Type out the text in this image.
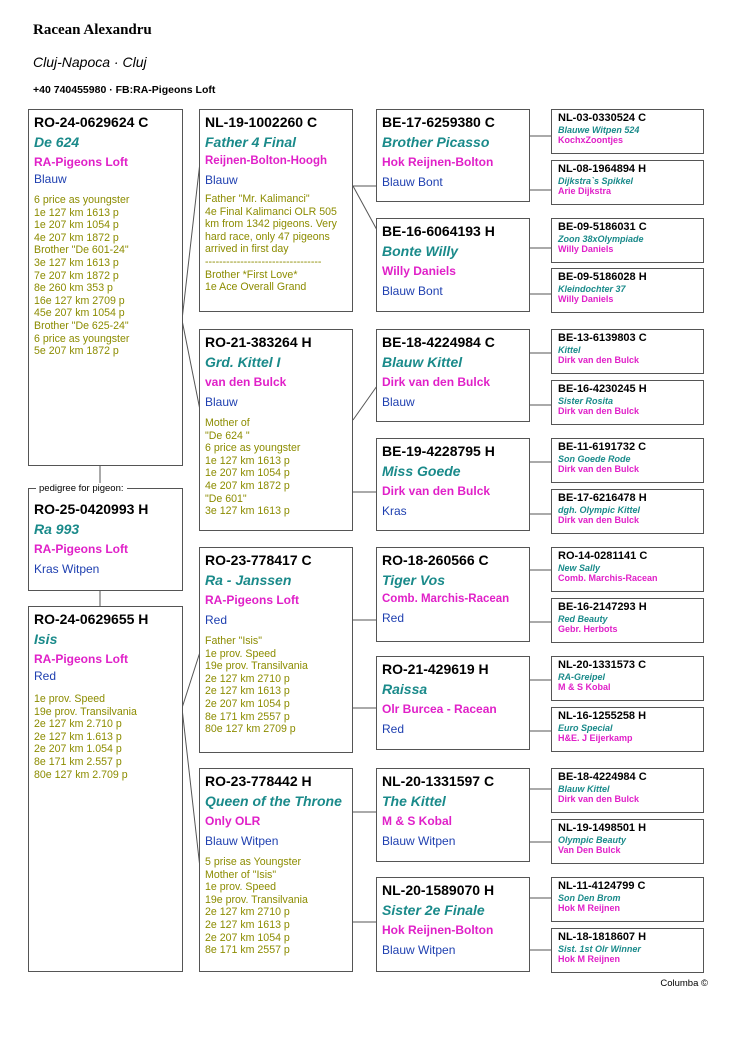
Racean Alexandru
Cluj-Napoca · Cluj
+40 740455980 · FB:RA-Pigeons Loft
RO-25-0420993 H
Ra 993
RA-Pigeons Loft
Kras Witpen
pedigree for pigeon:
RO-24-0629624 C
De 624
RA-Pigeons Loft
Blauw
6 price as youngster
1e 127 km 1613 p
1e 207 km 1054 p
4e 207 km 1872 p
Brother "De 601-24"
3e 127 km 1613 p
7e 207 km 1872 p
8e 260 km 353 p
16e 127 km 2709 p
45e 207 km 1054 p
Brother "De 625-24"
6 price as youngster
5e 207 km 1872 p
RO-24-0629655 H
Isis
RA-Pigeons Loft
Red
1e prov. Speed
19e prov. Transilvania
2e 127 km 2.710 p
2e 127 km 1.613 p
2e 207 km 1.054 p
8e 171 km 2.557 p
80e 127 km 2.709 p
NL-19-1002260 C
Father 4 Final
Reijnen-Bolton-Hoogh
Blauw
Father "Mr. Kalimanci"
4e Final Kalimanci OLR 505 km from 1342 pigeons. Very hard race, only 47 pigeons arrived in first day
---------------------------------
Brother *First Love*
1e Ace Overall Grand
RO-21-383264 H
Grd. Kittel I
van den Bulck
Blauw
Mother of
"De 624 "
6 price as youngster
1e 127 km 1613 p
1e 207 km 1054 p
4e 207 km 1872 p
"De 601"
3e 127 km 1613 p
RO-23-778417 C
Ra - Janssen
RA-Pigeons Loft
Red
Father "Isis"
1e prov. Speed
19e prov. Transilvania
2e 127 km 2710 p
2e 127 km 1613 p
2e 207 km 1054 p
8e 171 km 2557 p
80e 127 km 2709 p
RO-23-778442 H
Queen of the Throne
Only OLR
Blauw Witpen
5 prise as Youngster
Mother of "Isis"
1e prov. Speed
19e prov. Transilvania
2e 127 km 2710 p
2e 127 km 1613 p
2e 207 km 1054 p
8e 171 km 2557 p
BE-17-6259380 C
Brother Picasso
Hok Reijnen-Bolton
Blauw Bont
BE-16-6064193 H
Bonte Willy
Willy Daniels
Blauw Bont
BE-18-4224984 C
Blauw Kittel
Dirk van den Bulck
Blauw
BE-19-4228795 H
Miss Goede
Dirk van den Bulck
Kras
RO-18-260566 C
Tiger Vos
Comb. Marchis-Racean
Red
RO-21-429619 H
Raissa
Olr Burcea - Racean
Red
NL-20-1331597 C
The Kittel
M & S Kobal
Blauw Witpen
NL-20-1589070 H
Sister 2e Finale
Hok Reijnen-Bolton
Blauw Witpen
NL-03-0330524 C
Blauwe Witpen 524
KochxZoontjes
NL-08-1964894 H
Dijkstra`s Spikkel
Arie Dijkstra
BE-09-5186031 C
Zoon 38xOlympiade
Willy Daniels
BE-09-5186028 H
Kleindochter 37
Willy Daniels
BE-13-6139803 C
Kittel
Dirk van den Bulck
BE-16-4230245 H
Sister Rosita
Dirk van den Bulck
BE-11-6191732 C
Son Goede Rode
Dirk van den Bulck
BE-17-6216478 H
dgh. Olympic Kittel
Dirk van den Bulck
RO-14-0281141 C
New Sally
Comb. Marchis-Racean
BE-16-2147293 H
Red Beauty
Gebr. Herbots
NL-20-1331573 C
RA-Greipel
M & S Kobal
NL-16-1255258 H
Euro Special
H&E. J Eijerkamp
BE-18-4224984 C
Blauw Kittel
Dirk van den Bulck
NL-19-1498501 H
Olympic Beauty
Van Den Bulck
NL-11-4124799 C
Son Den Brom
Hok M Reijnen
NL-18-1818607 H
Sist. 1st Olr Winner
Hok M Reijnen
Columba ©
